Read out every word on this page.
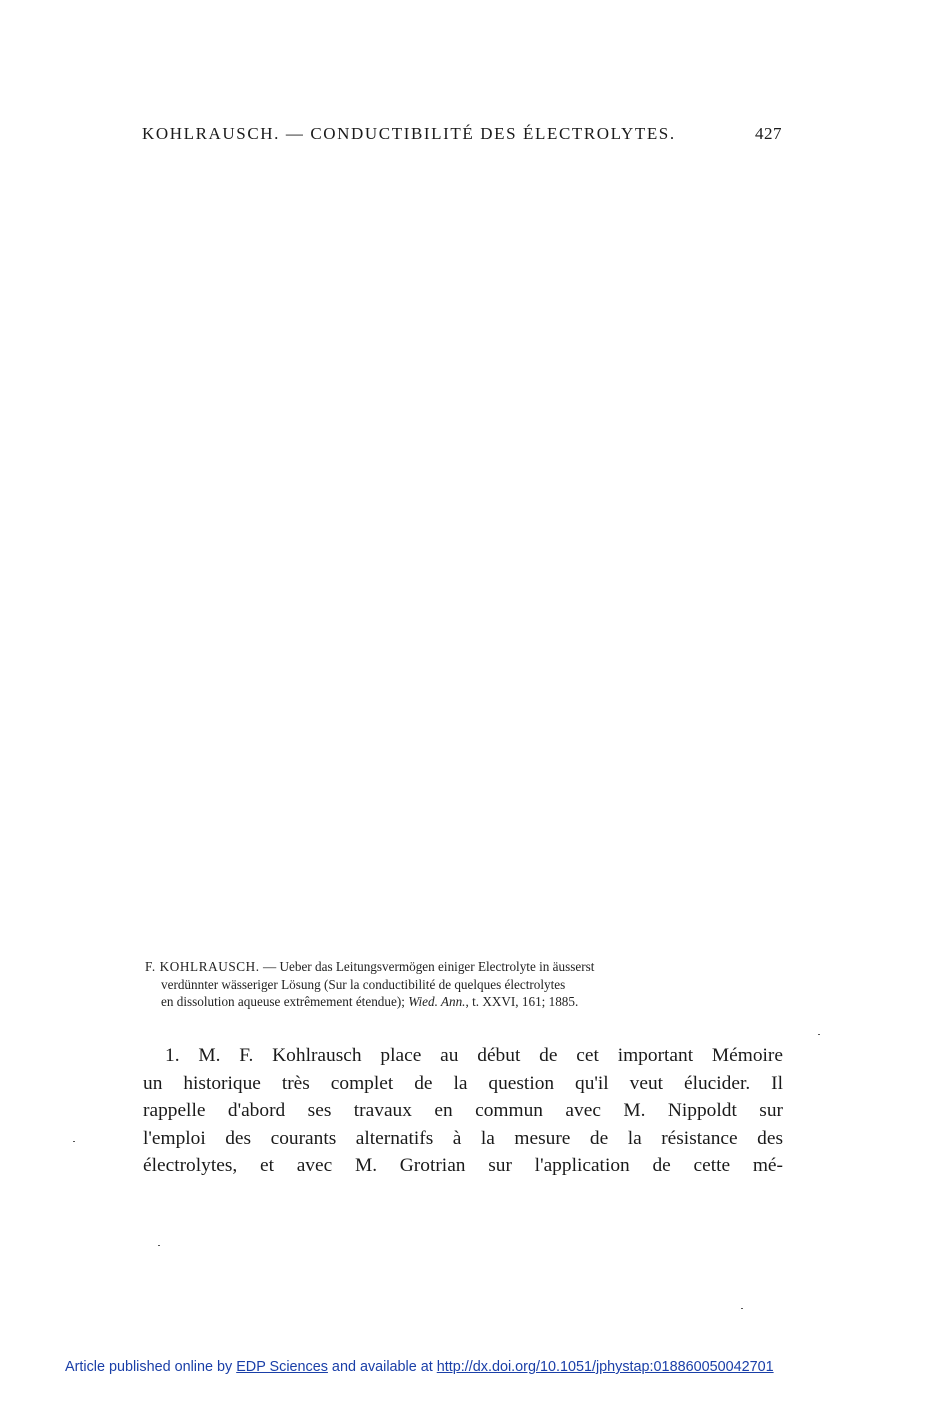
KOHLRAUSCH. — CONDUCTIBILITÉ DES ÉLECTROLYTES.	427
F. KOHLRAUSCH. — Ueber das Leitungsvermögen einiger Electrolyte in äusserst
verdünnter wässeriger Lösung (Sur la conductibilité de quelques électrolytes
en dissolution aqueuse extrêmement étendue); Wied. Ann., t. XXVI, 161; 1885.
1. M. F. Kohlrausch place au début de cet important Mémoire
un historique très complet de la question qu'il veut élucider. Il
rappelle d'abord ses travaux en commun avec M. Nippoldt sur
l'emploi des courants alternatifs à la mesure de la résistance des
électrolytes, et avec M. Grotrian sur l'application de cette mé-
Article published online by EDP Sciences and available at http://dx.doi.org/10.1051/jphystap:018860050042701
